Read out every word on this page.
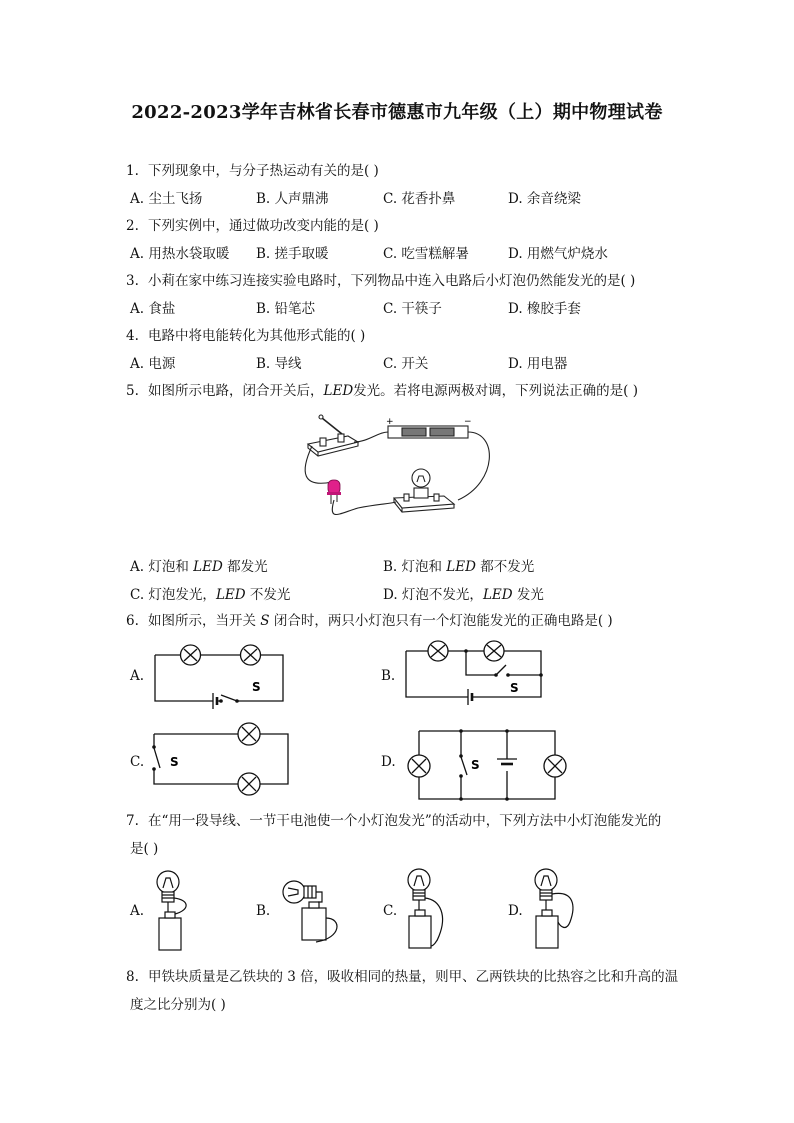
2022-2023学年吉林省长春市德惠市九年级（上）期中物理试卷
1. 下列现象中，与分子热运动有关的是( )
A. 尘土飞扬	B. 人声鼎沸	C. 花香扑鼻	D. 余音绕梁
2. 下列实例中，通过做功改变内能的是( )
A. 用热水袋取暖 B. 搓手取暖	C. 吃雪糕解暑	D. 用燃气炉烧水
3. 小莉在家中练习连接实验电路时，下列物品中连入电路后小灯泡仍然能发光的是( )
A. 食盐	B. 铅笔芯	C. 干筷子	D. 橡胶手套
4. 电路中将电能转化为其他形式能的( )
A. 电源	B. 导线	C. 开关	D. 用电器
5. 如图所示电路，闭合开关后，LED发光。若将电源两极对调，下列说法正确的是( )
+	−
A. 灯泡和 LED 都发光	B. 灯泡和 LED 都不发光
C. 灯泡发光，LED 不发光	D. 灯泡不发光，LED 发光
6. 如图所示，当开关 S 闭合时，两只小灯泡只有一个灯泡能发光的正确电路是( )
A.
S
B.
S
C. S	D.	S
7. 在“用一段导线、一节干电池使一个小灯泡发光”的活动中，下列方法中小灯泡能发光的
是( )
A.	B.	C.	D.
8. 甲铁块质量是乙铁块的 3 倍，吸收相同的热量，则甲、乙两铁块的比热容之比和升高的温
度之比分别为( )
